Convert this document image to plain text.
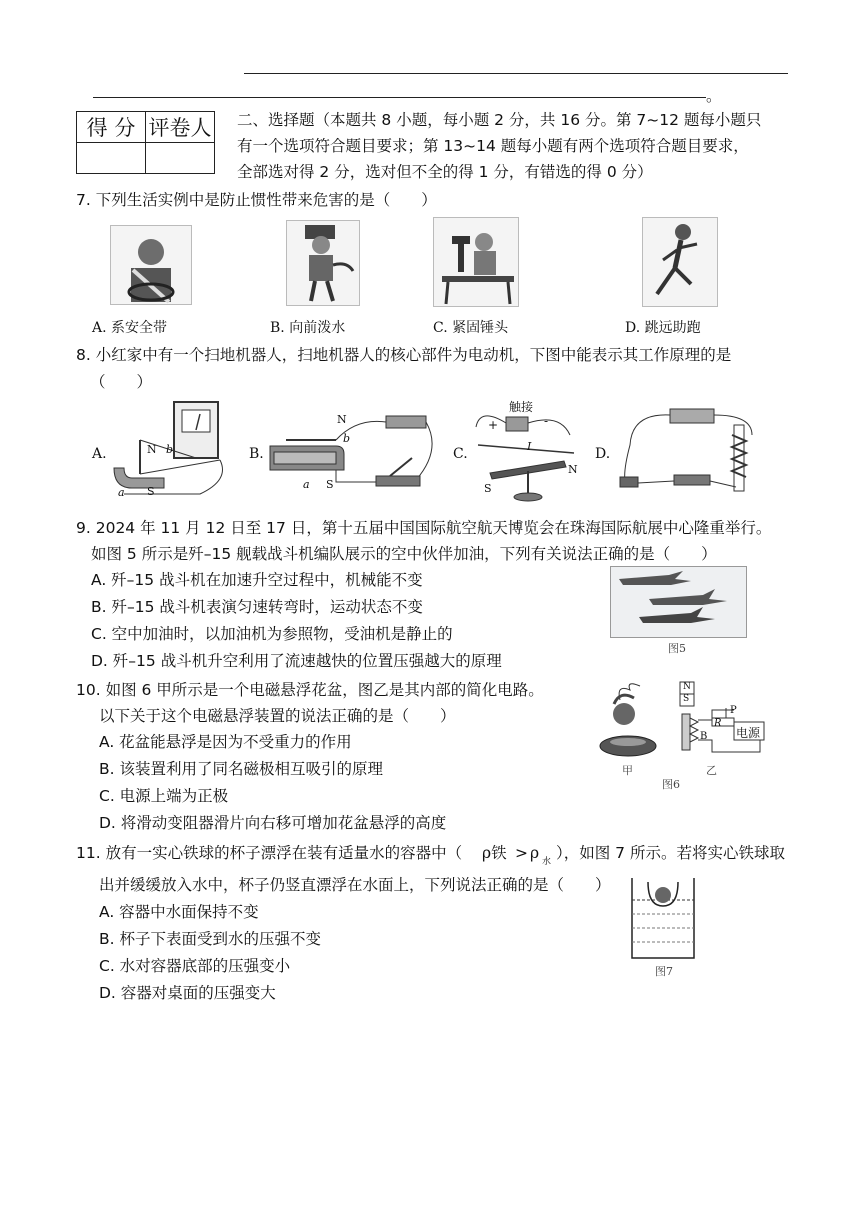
。
得 分	评卷人
	二、选择题（本题共 8 小题，每小题 2 分，共 16 分。第 7~12 题每小题只
有一个选项符合题目要求；第 13~14 题每小题有两个选项符合题目要求，
全部选对得 2 分，选对但不全的得 1 分，有错选的得 0 分）
7. 下列生活实例中是防止惯性带来危害的是（　　）
A. 系安全带	B. 向前泼水	C. 紧固锤头	D. 跳远助跑
8. 小红家中有一个扫地机器人，扫地机器人的核心部件为电动机，下图中能表示其工作原理的是
（　　）
A.	N b
S
a
B.
N
b
a S
C.
触接
+	-
I
N
S
D.
9. 2024 年 11 月 12 日至 17 日，第十五届中国国际航空航天博览会在珠海国际航展中心隆重举行。
如图 5 所示是歼–15 舰载战斗机编队展示的空中伙伴加油，下列有关说法正确的是（　　）
A. 歼–15 战斗机在加速升空过程中，机械能不变
B. 歼–15 战斗机表演匀速转弯时，运动状态不变
C. 空中加油时，以加油机为参照物，受油机是静止的
D. 歼–15 战斗机升空利用了流速越快的位置压强越大的原理
图5
10. 如图 6 甲所示是一个电磁悬浮花盆，图乙是其内部的简化电路。
以下关于这个电磁悬浮装置的说法正确的是（　　）
A. 花盆能悬浮是因为不受重力的作用
B. 该装置利用了同名磁极相互吸引的原理
C. 电源上端为正极
D. 将滑动变阻器滑片向右移可增加花盆悬浮的高度
甲
N
S
B
P
R
电源
乙
图6
11. 放有一实心铁球的杯子漂浮在装有适量水的容器中（ ρ铁 > ρ 水 ），如图 7 所示。若将实心铁球取
出并缓缓放入水中，杯子仍竖直漂浮在水面上，下列说法正确的是（　　）
A. 容器中水面保持不变
B. 杯子下表面受到水的压强不变
C. 水对容器底部的压强变小
D. 容器对桌面的压强变大
图7
